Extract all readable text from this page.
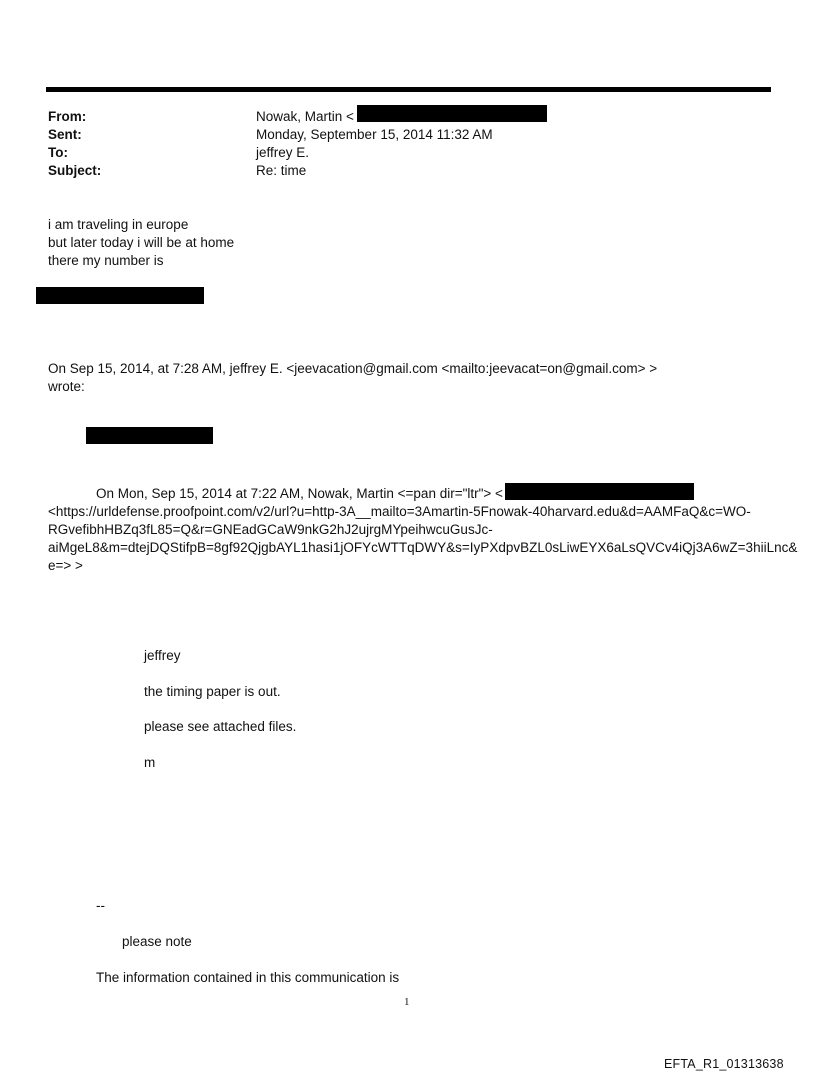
From:	Nowak, Martin <
Sent:	Monday, September 15, 2014 11:32 AM
To:	jeffrey E.
Subject:	Re: time
i am traveling in europe
but later today i will be at home
there my number is
On Sep 15, 2014, at 7:28 AM, jeffrey E. <jeevacation@gmail.com <mailto:jeevacat=on@gmail.com> >
wrote:
On Mon, Sep 15, 2014 at 7:22 AM, Nowak, Martin <=pan dir="ltr"> <
<https://urldefense.proofpoint.com/v2/url?u=http-3A__mailto=3Amartin-5Fnowak-40harvard.edu&d=AAMFaQ&c=WO-
RGvefibhHBZq3fL85=Q&r=GNEadGCaW9nkG2hJ2ujrgMYpeihwcuGusJc-
aiMgeL8&m=dtejDQStifpB=8gf92QjgbAYL1hasi1jOFYcWTTqDWY&s=IyPXdpvBZL0sLiwEYX6aLsQVCv4iQj3A6wZ=3hiiLnc&
e=> >
jeffrey
the timing paper is out.
please see attached files.
m
--
please note
The information contained in this communication is
1
EFTA_R1_01313638
